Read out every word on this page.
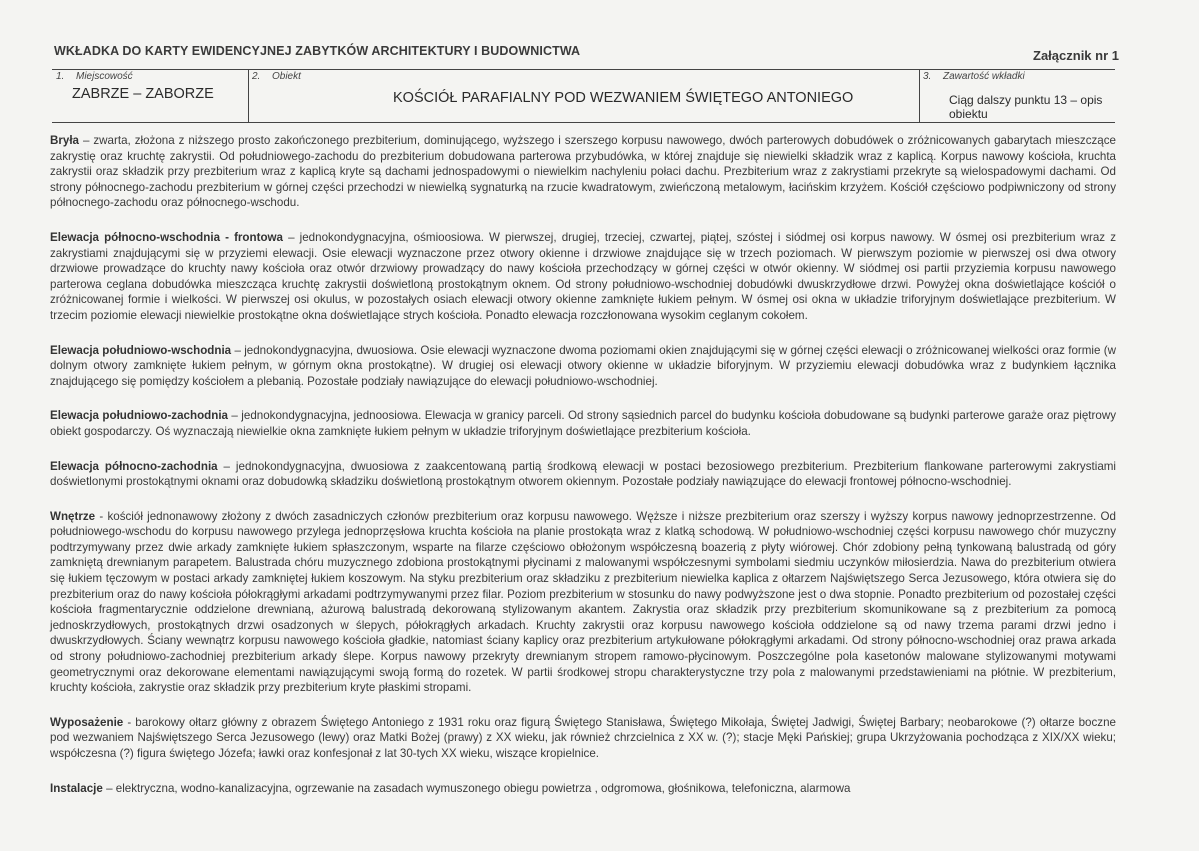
WKŁADKA DO KARTY EWIDENCYJNEJ ZABYTKÓW ARCHITEKTURY I BUDOWNICTWA	Załącznik nr 1
1. Miejscowość
ZABRZE – ZABORZE
2. Obiekt
KOŚCIÓŁ PARAFIALNY POD WEZWANIEM ŚWIĘTEGO ANTONIEGO
3. Zawartość wkładki
Ciąg dalszy punktu 13 – opis obiektu

Bryła – zwarta, złożona z niższego prosto zakończonego prezbiterium, dominującego, wyższego i szerszego korpusu nawowego, dwóch parterowych dobudówek o zróżnicowanych gabarytach mieszczące zakrystię oraz kruchtę zakrystii. Od południowego-zachodu do prezbiterium dobudowana parterowa przybudówka, w której znajduje się niewielki składzik wraz z kaplicą. Korpus nawowy kościoła, kruchta zakrystii oraz składzik przy prezbiterium wraz z kaplicą kryte są dachami jednospadowymi o niewielkim nachyleniu połaci dachu. Prezbiterium wraz z zakrystiami przekryte są wielospadowymi dachami. Od strony północnego-zachodu prezbiterium w górnej części przechodzi w niewielką sygnaturką na rzucie kwadratowym, zwieńczoną metalowym, łacińskim krzyżem. Kościół częściowo podpiwniczony od strony północnego-zachodu oraz północnego-wschodu.

Elewacja północno-wschodnia - frontowa – jednokondygnacyjna, ośmioosiowa. W pierwszej, drugiej, trzeciej, czwartej, piątej, szóstej i siódmej osi korpus nawowy. W ósmej osi prezbiterium wraz z zakrystiami znajdującymi się w przyziemi elewacji. Osie elewacji wyznaczone przez otwory okienne i drzwiowe znajdujące się w trzech poziomach. W pierwszym poziomie w pierwszej osi dwa otwory drzwiowe prowadzące do kruchty nawy kościoła oraz otwór drzwiowy prowadzący do nawy kościoła przechodzący w górnej części w otwór okienny. W siódmej osi partii przyziemia korpusu nawowego parterowa ceglana dobudówka mieszcząca kruchtę zakrystii doświetloną prostokątnym oknem. Od strony południowo-wschodniej dobudówki dwuskrzydłowe drzwi. Powyżej okna doświetlające kościół o zróżnicowanej formie i wielkości. W pierwszej osi okulus, w pozostałych osiach elewacji otwory okienne zamknięte łukiem pełnym. W ósmej osi okna w układzie triforyjnym doświetlające prezbiterium. W trzecim poziomie elewacji niewielkie prostokątne okna doświetlające strych kościoła. Ponadto elewacja rozczłonowana wysokim ceglanym cokołem.

Elewacja południowo-wschodnia – jednokondygnacyjna, dwuosiowa. Osie elewacji wyznaczone dwoma poziomami okien znajdującymi się w górnej części elewacji o zróżnicowanej wielkości oraz formie (w dolnym otwory zamknięte łukiem pełnym, w górnym okna prostokątne). W drugiej osi elewacji otwory okienne w układzie biforyjnym. W przyziemiu elewacji dobudówka wraz z budynkiem łącznika znajdującego się pomiędzy kościołem a plebanią. Pozostałe podziały nawiązujące do elewacji południowo-wschodniej.

Elewacja południowo-zachodnia – jednokondygnacyjna, jednoosiowa. Elewacja w granicy parceli. Od strony sąsiednich parcel do budynku kościoła dobudowane są budynki parterowe garaże oraz piętrowy obiekt gospodarczy. Oś wyznaczają niewielkie okna zamknięte łukiem pełnym w układzie triforyjnym doświetlające prezbiterium kościoła.

Elewacja północno-zachodnia – jednokondygnacyjna, dwuosiowa z zaakcentowaną partią środkową elewacji w postaci bezosiowego prezbiterium. Prezbiterium flankowane parterowymi zakrystiami doświetlonymi prostokątnymi oknami oraz dobudowką składziku doświetloną prostokątnym otworem okiennym. Pozostałe podziały nawiązujące do elewacji frontowej północno-wschodniej.

Wnętrze - kościół jednonawowy złożony z dwóch zasadniczych członów prezbiterium oraz korpusu nawowego. Węższe i niższe prezbiterium oraz szerszy i wyższy korpus nawowy jednoprzestrzenne. Od południowego-wschodu do korpusu nawowego przylega jednoprzęsłowa kruchta kościoła na planie prostokąta wraz z klatką schodową. W południowo-wschodniej części korpusu nawowego chór muzyczny podtrzymywany przez dwie arkady zamknięte łukiem spłaszczonym, wsparte na filarze częściowo obłożonym współczesną boazerią z płyty wiórowej. Chór zdobiony pełną tynkowaną balustradą od góry zamkniętą drewnianym parapetem. Balustrada chóru muzycznego zdobiona prostokątnymi płycinami z malowanymi współczesnymi symbolami siedmiu uczynków miłosierdzia. Nawa do prezbiterium otwiera się łukiem tęczowym w postaci arkady zamkniętej łukiem koszowym. Na styku prezbiterium oraz składziku z prezbiterium niewielka kaplica z ołtarzem Najświętszego Serca Jezusowego, która otwiera się do prezbiterium oraz do nawy kościoła półokrągłymi arkadami podtrzymywanymi przez filar. Poziom prezbiterium w stosunku do nawy podwyższone jest o dwa stopnie. Ponadto prezbiterium od pozostałej części kościoła fragmentarycznie oddzielone drewnianą, ażurową balustradą dekorowaną stylizowanym akantem. Zakrystia oraz składzik przy prezbiterium skomunikowane są z prezbiterium za pomocą jednoskrzydłowych, prostokątnych drzwi osadzonych w ślepych, półokrągłych arkadach. Kruchty zakrystii oraz korpusu nawowego kościoła oddzielone są od nawy trzema parami drzwi jedno i dwuskrzydłowych. Ściany wewnątrz korpusu nawowego kościoła gładkie, natomiast ściany kaplicy oraz prezbiterium artykułowane półokrągłymi arkadami. Od strony północno-wschodniej oraz prawa arkada od strony południowo-zachodniej prezbiterium arkady ślepe. Korpus nawowy przekryty drewnianym stropem ramowo-płycinowym. Poszczególne pola kasetonów malowane stylizowanymi motywami geometrycznymi oraz dekorowane elementami nawiązującymi swoją formą do rozetek. W partii środkowej stropu charakterystyczne trzy pola z malowanymi przedstawieniami na płótnie. W prezbiterium, kruchty kościoła, zakrystie oraz składzik przy prezbiterium kryte płaskimi stropami.

Wyposażenie - barokowy ołtarz główny z obrazem Świętego Antoniego z 1931 roku oraz figurą Świętego Stanisława, Świętego Mikołaja, Świętej Jadwigi, Świętej Barbary; neobarokowe (?) ołtarze boczne pod wezwaniem Najświętszego Serca Jezusowego (lewy) oraz Matki Bożej (prawy) z XX wieku, jak również chrzcielnica z XX w. (?); stacje Męki Pańskiej; grupa Ukrzyżowania pochodząca z XIX/XX wieku; współczesna (?) figura świętego Józefa; ławki oraz konfesjonał z lat 30-tych XX wieku, wiszące kropielnice.

Instalacje – elektryczna, wodno-kanalizacyjna, ogrzewanie na zasadach wymuszonego obiegu powietrza , odgromowa, głośnikowa, telefoniczna, alarmowa
